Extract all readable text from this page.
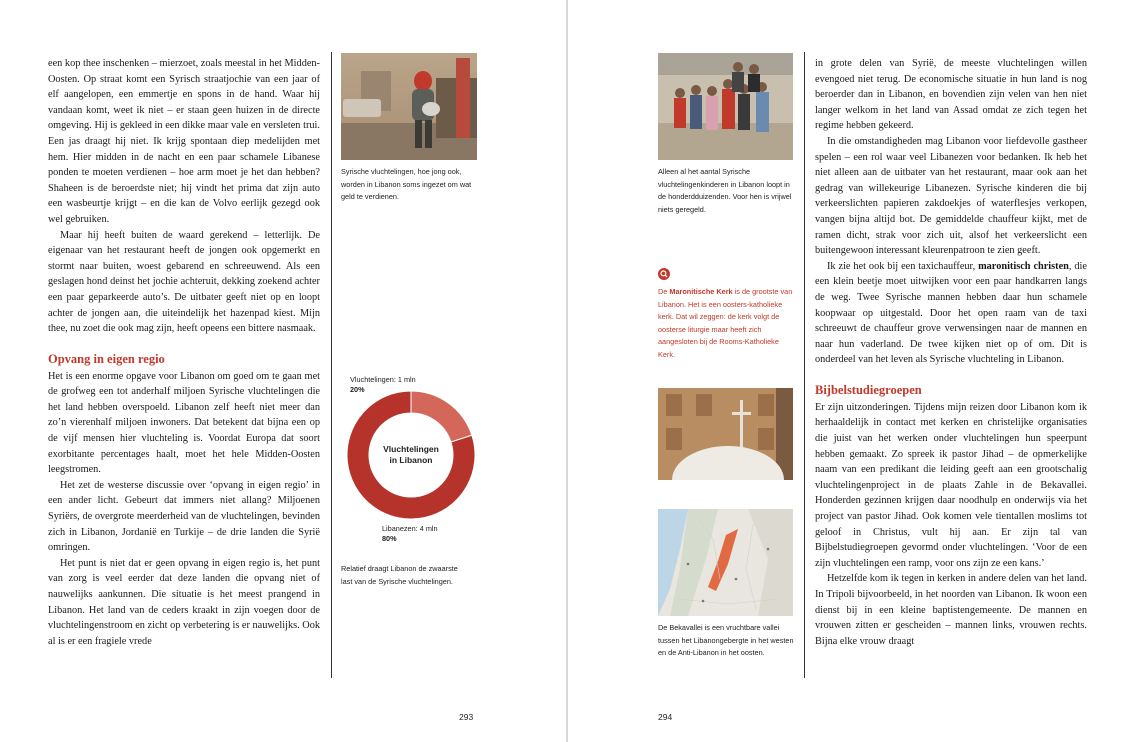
een kop thee inschenken – mierzoet, zoals meestal in het Midden-Oosten. Op straat komt een Syrisch straatjochie van een jaar of elf aangelopen, een emmertje en spons in de hand. Waar hij vandaan komt, weet ik niet – er staan geen huizen in de directe omgeving. Hij is gekleed in een dikke maar vale en versleten trui. Een jas draagt hij niet. Ik krijg spontaan diep medelijden met hem. Hier midden in de nacht en een paar schamele Libanese ponden te moeten verdienen – hoe arm moet je het dan hebben? Shaheen is de beroerdste niet; hij vindt het prima dat zijn auto een wasbeurtje krijgt – en die kan de Volvo eerlijk gezegd ook wel gebruiken.

Maar hij heeft buiten de waard gerekend – letterlijk. De eigenaar van het restaurant heeft de jongen ook opgemerkt en stormt naar buiten, woest gebarend en schreeuwend. Als een geslagen hond deinst het jochie achteruit, dekking zoekend achter een paar geparkeerde auto’s. De uitbater geeft niet op en loopt achter de jongen aan, die uiteindelijk het hazenpad kiest. Mijn thee, nu zoet die ook mag zijn, heeft opeens een bittere nasmaak.

Opvang in eigen regio

Het is een enorme opgave voor Libanon om goed om te gaan met de grofweg een tot anderhalf miljoen Syrische vluchtelingen die het land hebben overspoeld. Libanon zelf heeft niet meer dan zo’n vierenhalf miljoen inwoners. Dat betekent dat bijna een op de vijf mensen hier vluchteling is. Voordat Europa dat soort exorbitante percentages haalt, moet het hele Midden-Oosten leegstromen.

Het zet de westerse discussie over ‘opvang in eigen regio’ in een ander licht. Gebeurt dat immers niet allang? Miljoenen Syriërs, de overgrote meerderheid van de vluchtelingen, bevinden zich in Libanon, Jordanië en Turkije – de drie landen die Syrië omringen.

Het punt is niet dat er geen opvang in eigen regio is, het punt van zorg is veel eerder dat deze landen die opvang niet of nauwelijks aankunnen. Die situatie is het meest prangend in Libanon. Het land van de ceders kraakt in zijn voegen door de vluchtelingenstroom en zicht op verbetering is er nauwelijks. Ook al is er een fragiele vrede

Syrische vluchtelingen, hoe jong ook, worden in Libanon soms ingezet om wat geld te verdienen.
Vluchtelingen: 1 mln
20%
Vluchtelingen
in Libanon
Libanezen: 4 mln
80%
Relatief draagt Libanon de zwaarste last van de Syrische vluchtelingen.
293
Alleen al het aantal Syrische vluchtelingenkinderen in Libanon loopt in de honderdduizenden. Voor hen is vrijwel niets geregeld.
De Maronitische Kerk is de grootste van Libanon. Het is een oosters-katholieke kerk. Dat wil zeggen: de kerk volgt de oosterse liturgie maar heeft zich aangesloten bij de Rooms-Katholieke Kerk.
De Bekavallei is een vruchtbare vallei tussen het Libanongebergte in het westen en de Anti-Libanon in het oosten.

in grote delen van Syrië, de meeste vluchtelingen willen evengoed niet terug. De economische situatie in hun land is nog beroerder dan in Libanon, en bovendien zijn velen van hen niet langer welkom in het land van Assad omdat ze zich tegen het regime hebben gekeerd.

In die omstandigheden mag Libanon voor liefdevolle gastheer spelen – een rol waar veel Libanezen voor bedanken. Ik heb het niet alleen aan de uitbater van het restaurant, maar ook aan het gedrag van willekeurige Libanezen. Syrische kinderen die bij verkeerslichten papieren zakdoekjes of waterflesjes verkopen, vangen bijna altijd bot. De gemiddelde chauffeur kijkt, met de ramen dicht, strak voor zich uit, alsof het verkeerslicht een buitengewoon interessant kleurenpatroon te zien geeft.

Ik zie het ook bij een taxichauffeur, maronitisch christen, die een klein beetje moet uitwijken voor een paar handkarren langs de weg. Twee Syrische mannen hebben daar hun schamele koopwaar op uitgestald. Door het open raam van de taxi schreeuwt de chauffeur grove verwensingen naar de mannen en naar hun vaderland. De twee kijken niet op of om. Dit is onderdeel van het leven als Syrische vluchteling in Libanon.

Bijbelstudiegroepen

Er zijn uitzonderingen. Tijdens mijn reizen door Libanon kom ik herhaaldelijk in contact met kerken en christelijke organisaties die juist van het werken onder vluchtelingen hun speerpunt hebben gemaakt. Zo spreek ik pastor Jihad – de opmerkelijke naam van een predikant die leiding geeft aan een grootschalig vluchtelingenproject in de plaats Zahle in de Bekavallei. Honderden gezinnen krijgen daar noodhulp en onderwijs via het project van pastor Jihad. Ook komen vele tientallen moslims tot geloof in Christus, vult hij aan. Er zijn tal van Bijbelstudiegroepen gevormd onder vluchtelingen. ‘Voor de een zijn vluchtelingen een ramp, voor ons zijn ze een kans.’

Hetzelfde kom ik tegen in kerken in andere delen van het land. In Tripoli bijvoorbeeld, in het noorden van Libanon. Ik woon een dienst bij in een kleine baptistengemeente. De mannen en vrouwen zitten er gescheiden – mannen links, vrouwen rechts. Bijna elke vrouw draagt

294
